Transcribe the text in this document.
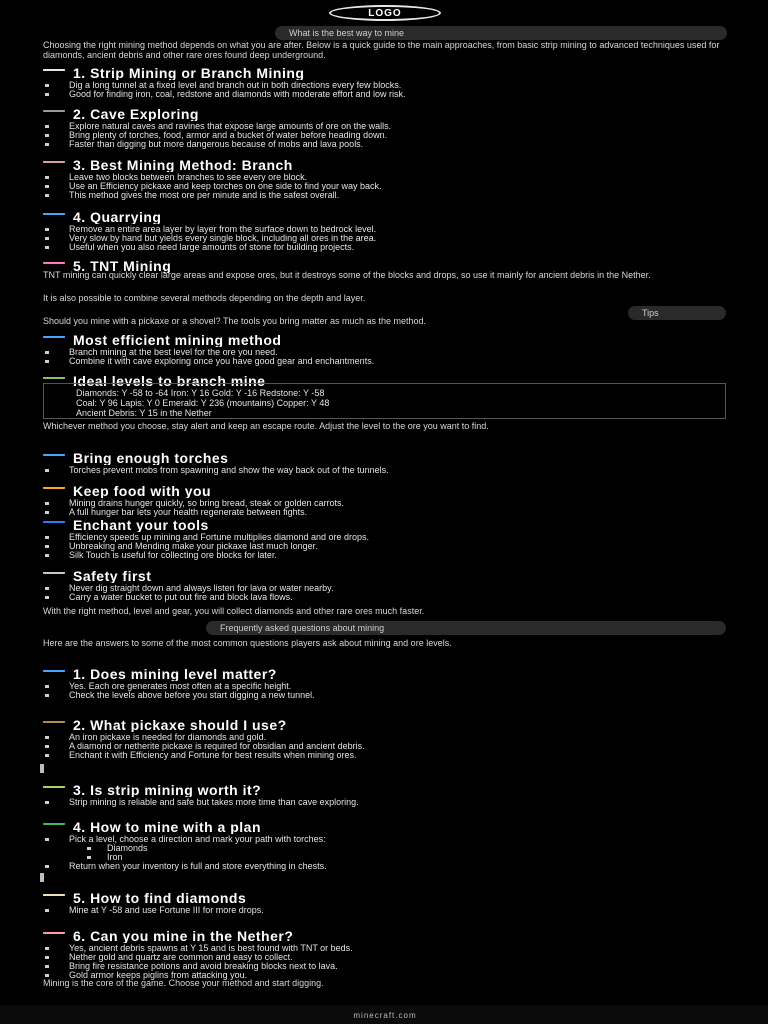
LOGO
What is the best way to mine
Choosing the right mining method depends on what you are after. Below is a quick guide to the main approaches, from basic strip mining to advanced techniques used for diamonds, ancient debris and other rare ores found deep underground.
1. Strip Mining or Branch Mining
Dig a long tunnel at a fixed level and branch out in both directions every few blocks.
Good for finding iron, coal, redstone and diamonds with moderate effort and low risk.
2. Cave Exploring
Explore natural caves and ravines that expose large amounts of ore on the walls.
Bring plenty of torches, food, armor and a bucket of water before heading down.
Faster than digging but more dangerous because of mobs and lava pools.
3. Best Mining Method: Branch
Leave two blocks between branches to see every ore block.
Use an Efficiency pickaxe and keep torches on one side to find your way back.
This method gives the most ore per minute and is the safest overall.
4. Quarrying
Remove an entire area layer by layer from the surface down to bedrock level.
Very slow by hand but yields every single block, including all ores in the area.
Useful when you also need large amounts of stone for building projects.
5. TNT Mining
TNT mining can quickly clear large areas and expose ores, but it destroys some of the blocks and drops, so use it mainly for ancient debris in the Nether.
It is also possible to combine several methods depending on the depth and layer.
Tips
Should you mine with a pickaxe or a shovel? The tools you bring matter as much as the method.
Most efficient mining method
Branch mining at the best level for the ore you need.
Combine it with cave exploring once you have good gear and enchantments.
Ideal levels to branch mine
Diamonds: Y -58 to -64 Iron: Y 16 Gold: Y -16 Redstone: Y -58
Coal: Y 96 Lapis: Y 0 Emerald: Y 236 (mountains) Copper: Y 48
Ancient Debris: Y 15 in the Nether
Whichever method you choose, stay alert and keep an escape route. Adjust the level to the ore you want to find.
Bring enough torches
Torches prevent mobs from spawning and show the way back out of the tunnels.
Keep food with you
Mining drains hunger quickly, so bring bread, steak or golden carrots.
A full hunger bar lets your health regenerate between fights.
Enchant your tools
Efficiency speeds up mining and Fortune multiplies diamond and ore drops.
Unbreaking and Mending make your pickaxe last much longer.
Silk Touch is useful for collecting ore blocks for later.
Safety first
Never dig straight down and always listen for lava or water nearby.
Carry a water bucket to put out fire and block lava flows.
With the right method, level and gear, you will collect diamonds and other rare ores much faster.
Frequently asked questions about mining
Here are the answers to some of the most common questions players ask about mining and ore levels.
1. Does mining level matter?
Yes. Each ore generates most often at a specific height.
Check the levels above before you start digging a new tunnel.
2. What pickaxe should I use?
An iron pickaxe is needed for diamonds and gold.
A diamond or netherite pickaxe is required for obsidian and ancient debris.
Enchant it with Efficiency and Fortune for best results when mining ores.
3. Is strip mining worth it?
Strip mining is reliable and safe but takes more time than cave exploring.
4. How to mine with a plan
Pick a level, choose a direction and mark your path with torches:
Diamonds
Iron
Return when your inventory is full and store everything in chests.
5. How to find diamonds
Mine at Y -58 and use Fortune III for more drops.
6. Can you mine in the Nether?
Yes, ancient debris spawns at Y 15 and is best found with TNT or beds.
Nether gold and quartz are common and easy to collect.
Bring fire resistance potions and avoid breaking blocks next to lava.
Gold armor keeps piglins from attacking you.
Mining is the core of the game. Choose your method and start digging.
minecraft.com
